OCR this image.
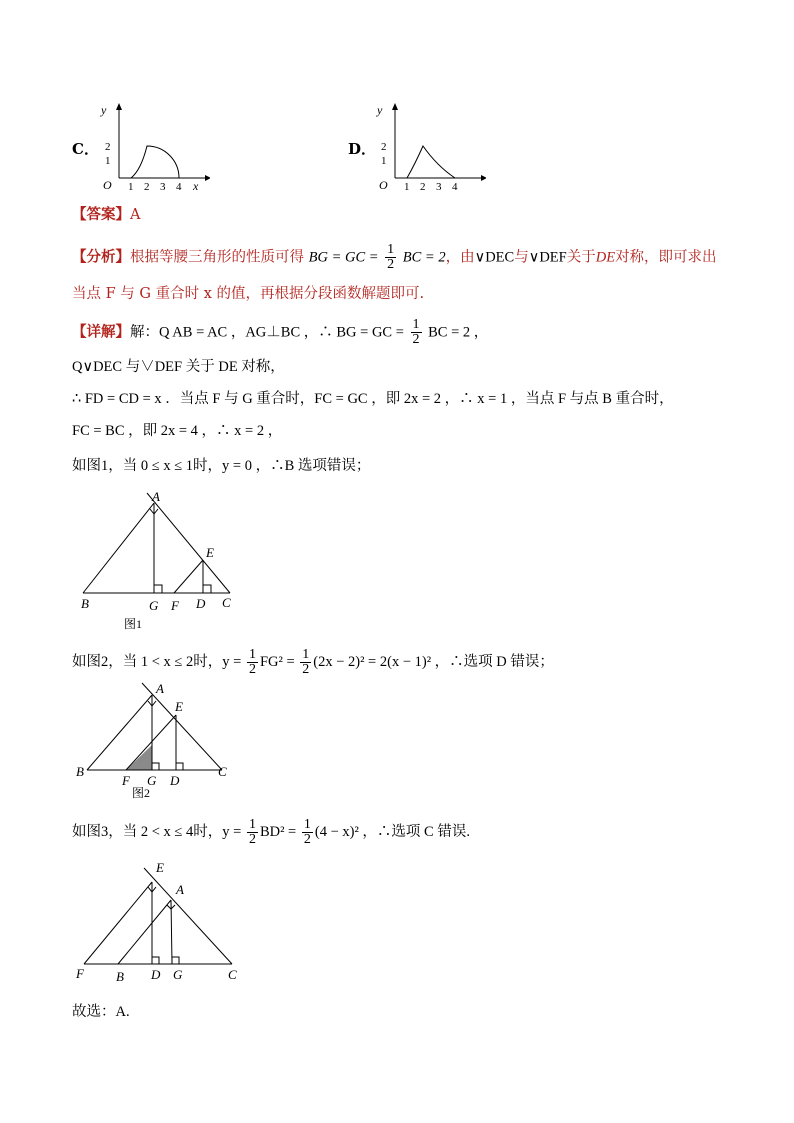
C．
y
x
O
2
1
1 2 3 4
D．
y
O
2
1
1 2 3 4
【答案】A
【分析】根据等腰三角形的性质可得 BG = GC = $\frac{1}{2}$ BC = 2，由∨DEC与∨DEF关于DE对称，即可求出
当点 F 与 G 重合时 x 的值，再根据分段函数解题即可.
【详解】解：Q AB = AC ，AG⊥BC ，∴ BG = GC = $\frac{1}{2}$ BC = 2 ，
Q∨DEC 与∨DEF 关于 DE 对称，
∴ FD = CD = x ．当点 F 与 G 重合时，FC = GC ，即 2x = 2 ，∴ x = 1 ，当点 F 与点 B 重合时，
FC = BC ，即 2x = 4 ，∴ x = 2 ，
如图1，当 0 ≤ x ≤ 1时，y = 0 ，∴B 选项错误；
A
B	G F D C
E
图1
如图2，当 1 < x ≤ 2时，$y = \frac{1}{2} FG^2 = \frac{1}{2} (2x - 2)^2 = 2(x - 1)^2$ ，∴选项 D 错误；
A
B
F G D
C
E
图2
如图3，当 2 < x ≤ 4时，$y = \frac{1}{2} BD^2 = \frac{1}{2} (4 - x)^2$ ，∴选项 C 错误.
E
A
F B D G	C
故选：A.
